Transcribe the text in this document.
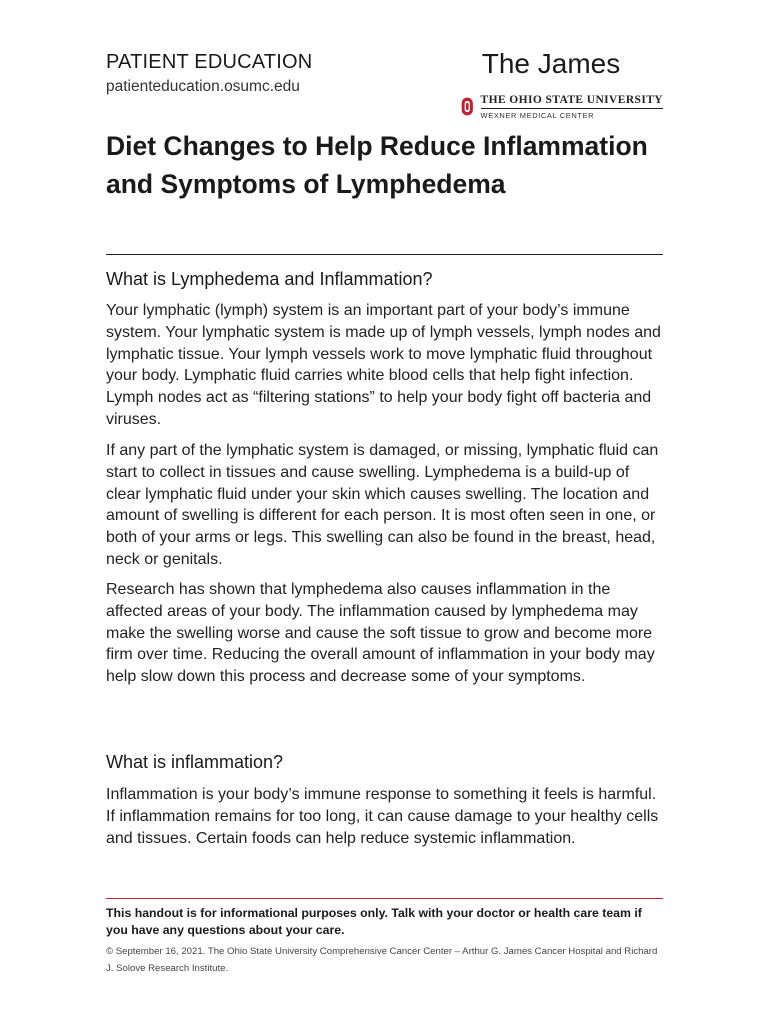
PATIENT EDUCATION
patienteducation.osumc.edu
The James
THE OHIO STATE UNIVERSITY
WEXNER MEDICAL CENTER
Diet Changes to Help Reduce Inflammation and Symptoms of Lymphedema
What is Lymphedema and Inflammation?

Your lymphatic (lymph) system is an important part of your body’s immune system. Your lymphatic system is made up of lymph vessels, lymph nodes and lymphatic tissue. Your lymph vessels work to move lymphatic fluid throughout your body. Lymphatic fluid carries white blood cells that help fight infection. Lymph nodes act as “filtering stations” to help your body fight off bacteria and viruses.

If any part of the lymphatic system is damaged, or missing, lymphatic fluid can start to collect in tissues and cause swelling. Lymphedema is a build-up of clear lymphatic fluid under your skin which causes swelling. The location and amount of swelling is different for each person. It is most often seen in one, or both of your arms or legs. This swelling can also be found in the breast, head, neck or genitals.

Research has shown that lymphedema also causes inflammation in the affected areas of your body. The inflammation caused by lymphedema may make the swelling worse and cause the soft tissue to grow and become more firm over time. Reducing the overall amount of inflammation in your body may help slow down this process and decrease some of your symptoms.

What is inflammation?

Inflammation is your body’s immune response to something it feels is harmful. If inflammation remains for too long, it can cause damage to your healthy cells and tissues. Certain foods can help reduce systemic inflammation.

This handout is for informational purposes only. Talk with your doctor or health care team if you have any questions about your care.

© September 16, 2021. The Ohio State University Comprehensive Cancer Center – Arthur G. James Cancer Hospital and Richard J. Solove Research Institute.
